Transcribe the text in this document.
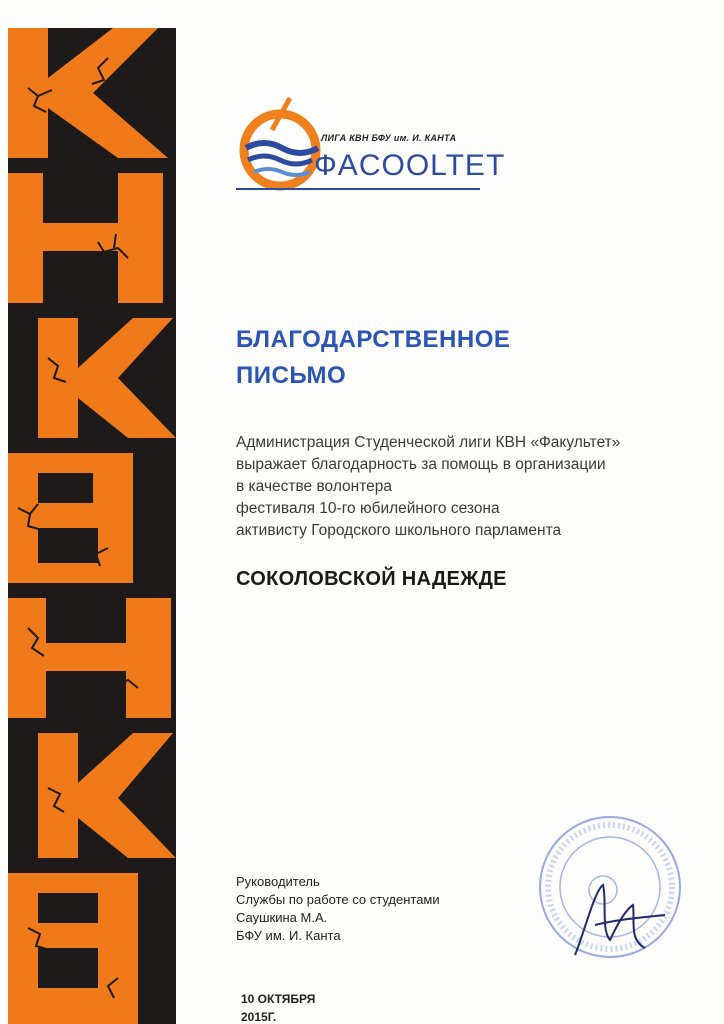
ЛИГА КВН БФУ им. И. КАНТА
ФACOOLTET
БЛАГОДАРСТВЕННОЕ
ПИСЬМО
Администрация Студенческой лиги КВН «Факультет»
выражает благодарность за помощь в организации
в качестве волонтера
фестиваля 10-го юбилейного сезона
активисту Городского школьного парламента
СОКОЛОВСКОЙ НАДЕЖДЕ
Руководитель
Службы по работе со студентами
Саушкина М.А.
БФУ им. И. Канта
10 ОКТЯБРЯ
2015Г.
